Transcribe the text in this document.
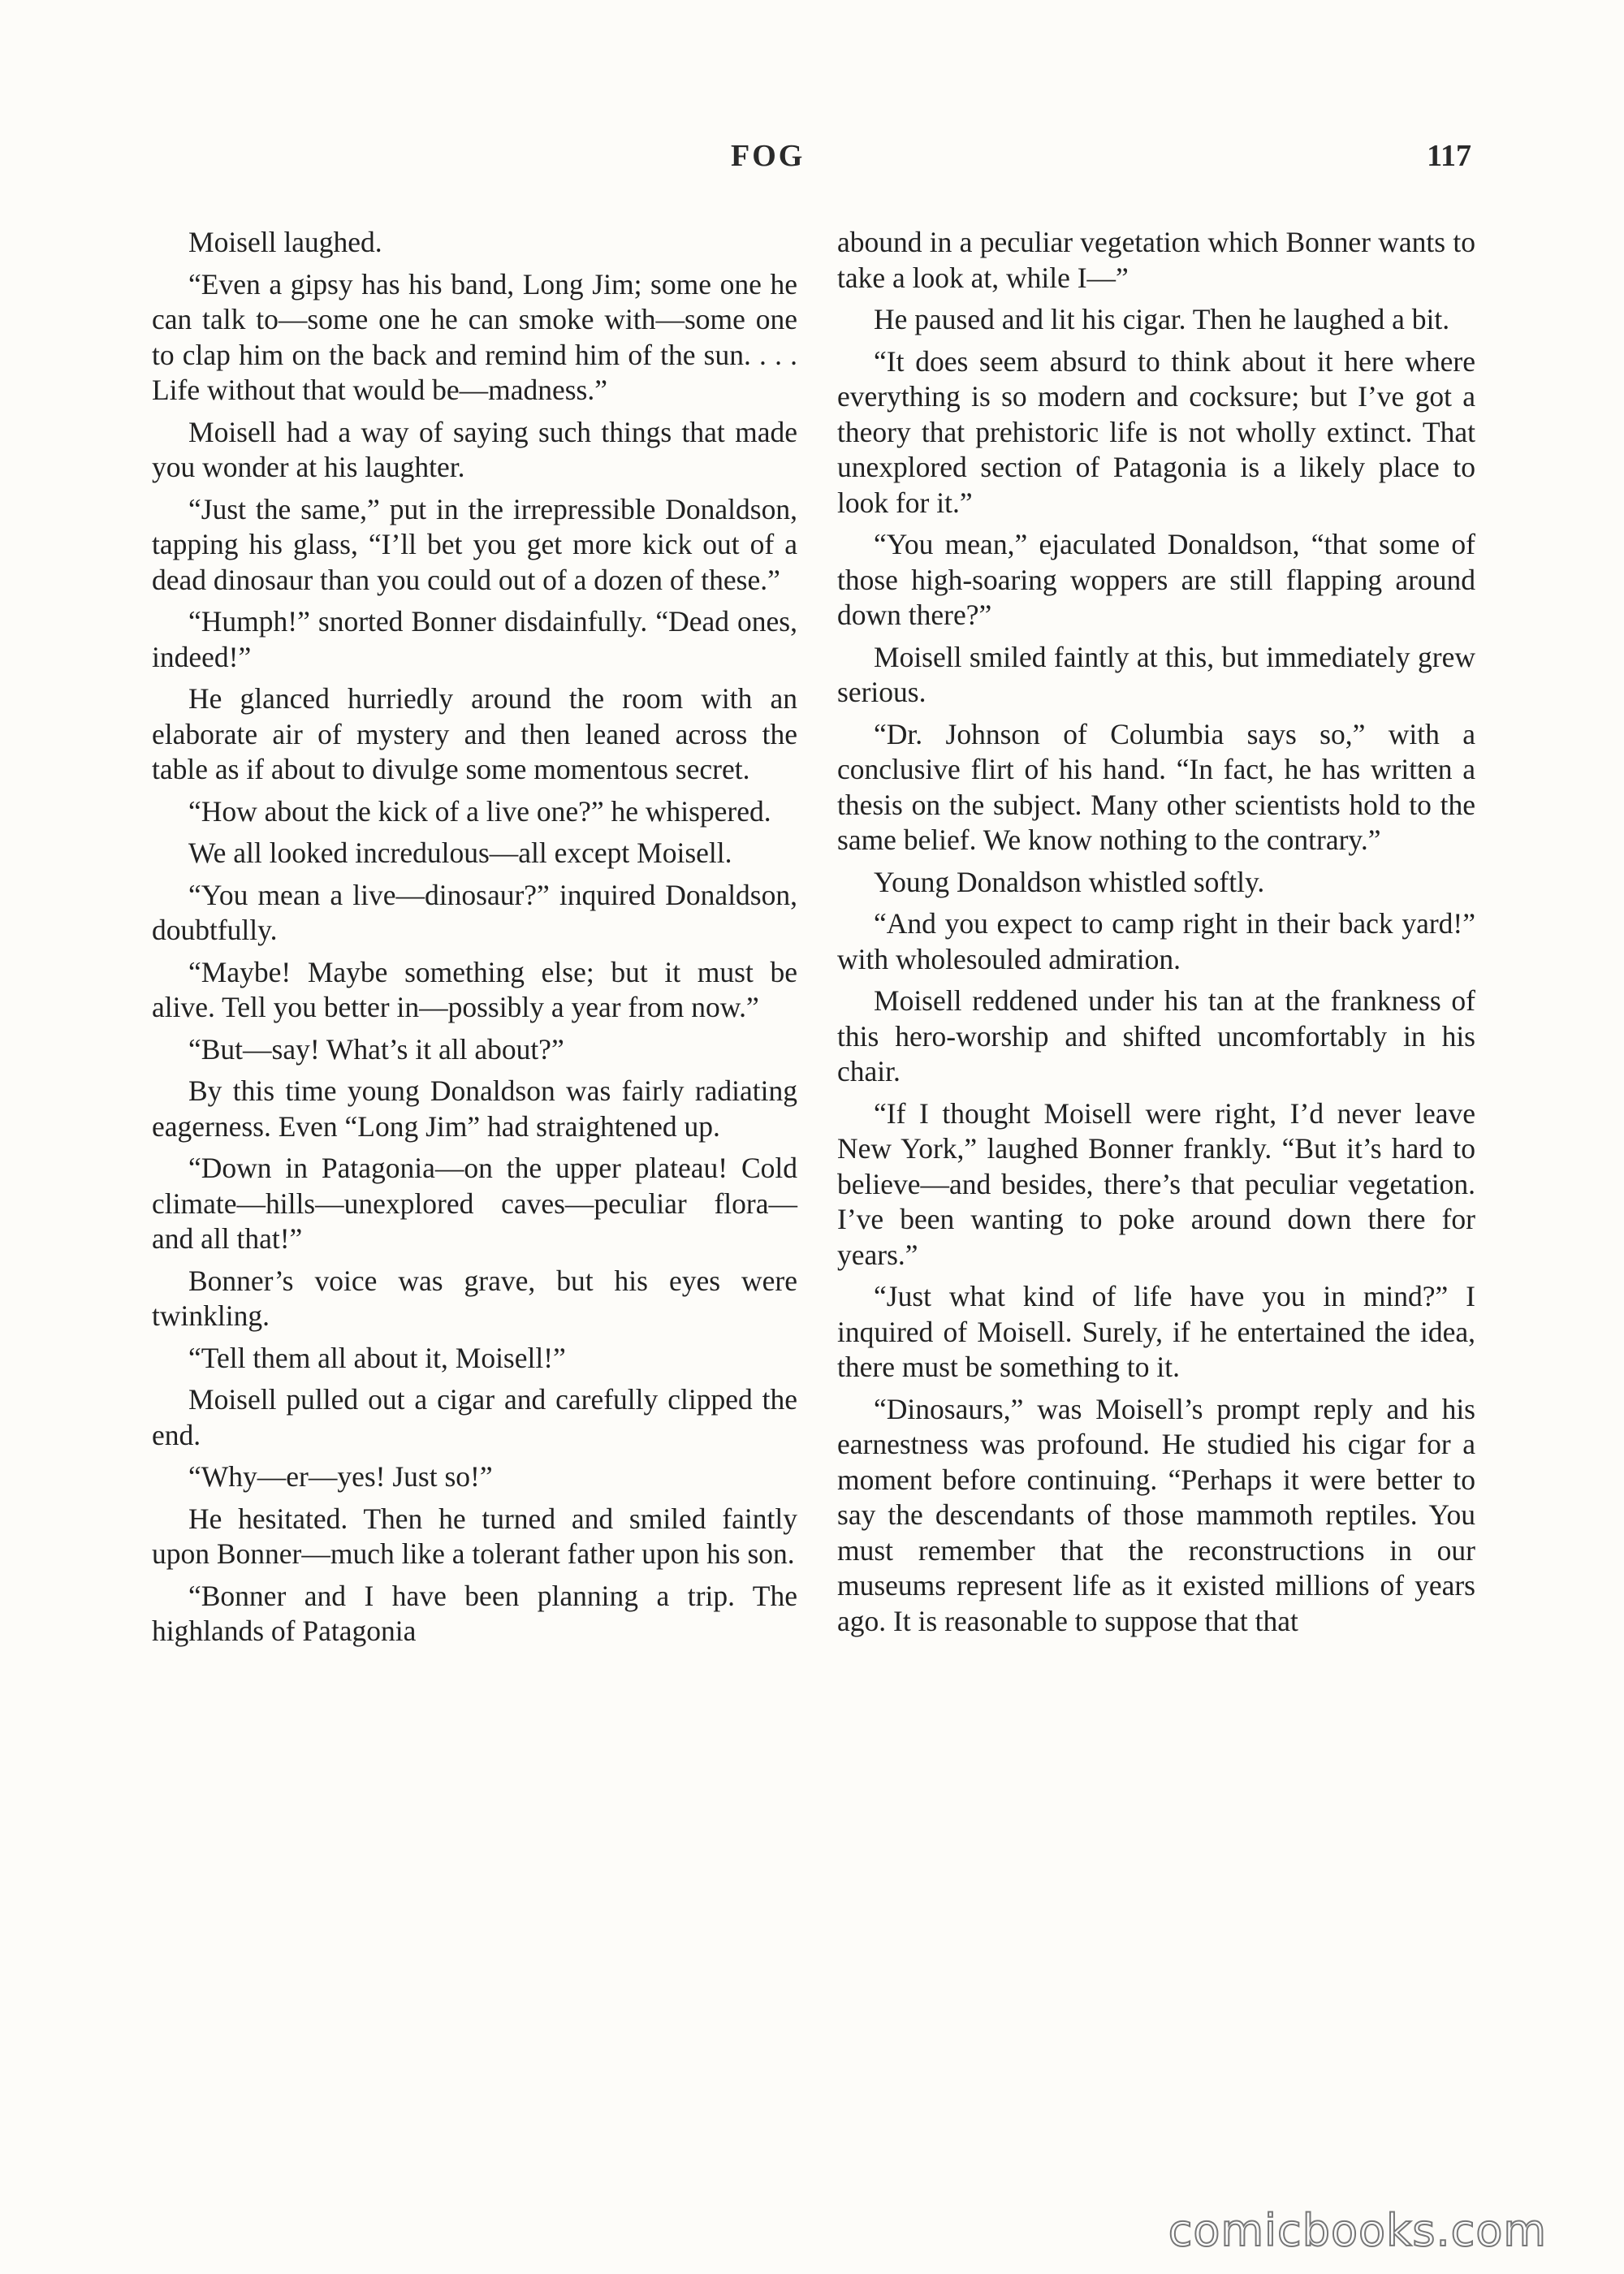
FOG	117

Moisell laughed.

“Even a gipsy has his band, Long Jim; some one he can talk to—some one he can smoke with—some one to clap him on the back and remind him of the sun. . . . Life without that would be—madness.”

Moisell had a way of saying such things that made you wonder at his laughter.

“Just the same,” put in the irrepressible Donaldson, tapping his glass, “I’ll bet you get more kick out of a dead dinosaur than you could out of a dozen of these.”

“Humph!” snorted Bonner disdainfully. “Dead ones, indeed!”

He glanced hurriedly around the room with an elaborate air of mystery and then leaned across the table as if about to divulge some momentous secret.

“How about the kick of a live one?” he whispered.

We all looked incredulous—all except Moisell.

“You mean a live—dinosaur?” inquired Donaldson, doubtfully.

“Maybe! Maybe something else; but it must be alive. Tell you better in—possibly a year from now.”

“But—say! What’s it all about?”

By this time young Donaldson was fairly radiating eagerness. Even “Long Jim” had straightened up.

“Down in Patagonia—on the upper plateau! Cold climate—hills—unexplored caves—peculiar flora—and all that!”

Bonner’s voice was grave, but his eyes were twinkling.

“Tell them all about it, Moisell!”

Moisell pulled out a cigar and carefully clipped the end.

“Why—er—yes! Just so!”

He hesitated. Then he turned and smiled faintly upon Bonner—much like a tolerant father upon his son.

“Bonner and I have been planning a trip. The highlands of Patagonia

abound in a peculiar vegetation which Bonner wants to take a look at, while I—”

He paused and lit his cigar. Then he laughed a bit.

“It does seem absurd to think about it here where everything is so modern and cocksure; but I’ve got a theory that prehistoric life is not wholly extinct. That unexplored section of Patagonia is a likely place to look for it.”

“You mean,” ejaculated Donaldson, “that some of those high-soaring woppers are still flapping around down there?”

Moisell smiled faintly at this, but immediately grew serious.

“Dr. Johnson of Columbia says so,” with a conclusive flirt of his hand. “In fact, he has written a thesis on the subject. Many other scientists hold to the same belief. We know nothing to the contrary.”

Young Donaldson whistled softly.

“And you expect to camp right in their back yard!” with wholesouled admiration.

Moisell reddened under his tan at the frankness of this hero-worship and shifted uncomfortably in his chair.

“If I thought Moisell were right, I’d never leave New York,” laughed Bonner frankly. “But it’s hard to believe—and besides, there’s that peculiar vegetation. I’ve been wanting to poke around down there for years.”

“Just what kind of life have you in mind?” I inquired of Moisell. Surely, if he entertained the idea, there must be something to it.

“Dinosaurs,” was Moisell’s prompt reply and his earnestness was profound. He studied his cigar for a moment before continuing. “Perhaps it were better to say the descendants of those mammoth reptiles. You must remember that the reconstructions in our museums represent life as it existed millions of years ago. It is reasonable to suppose that that

comicbooks.com
